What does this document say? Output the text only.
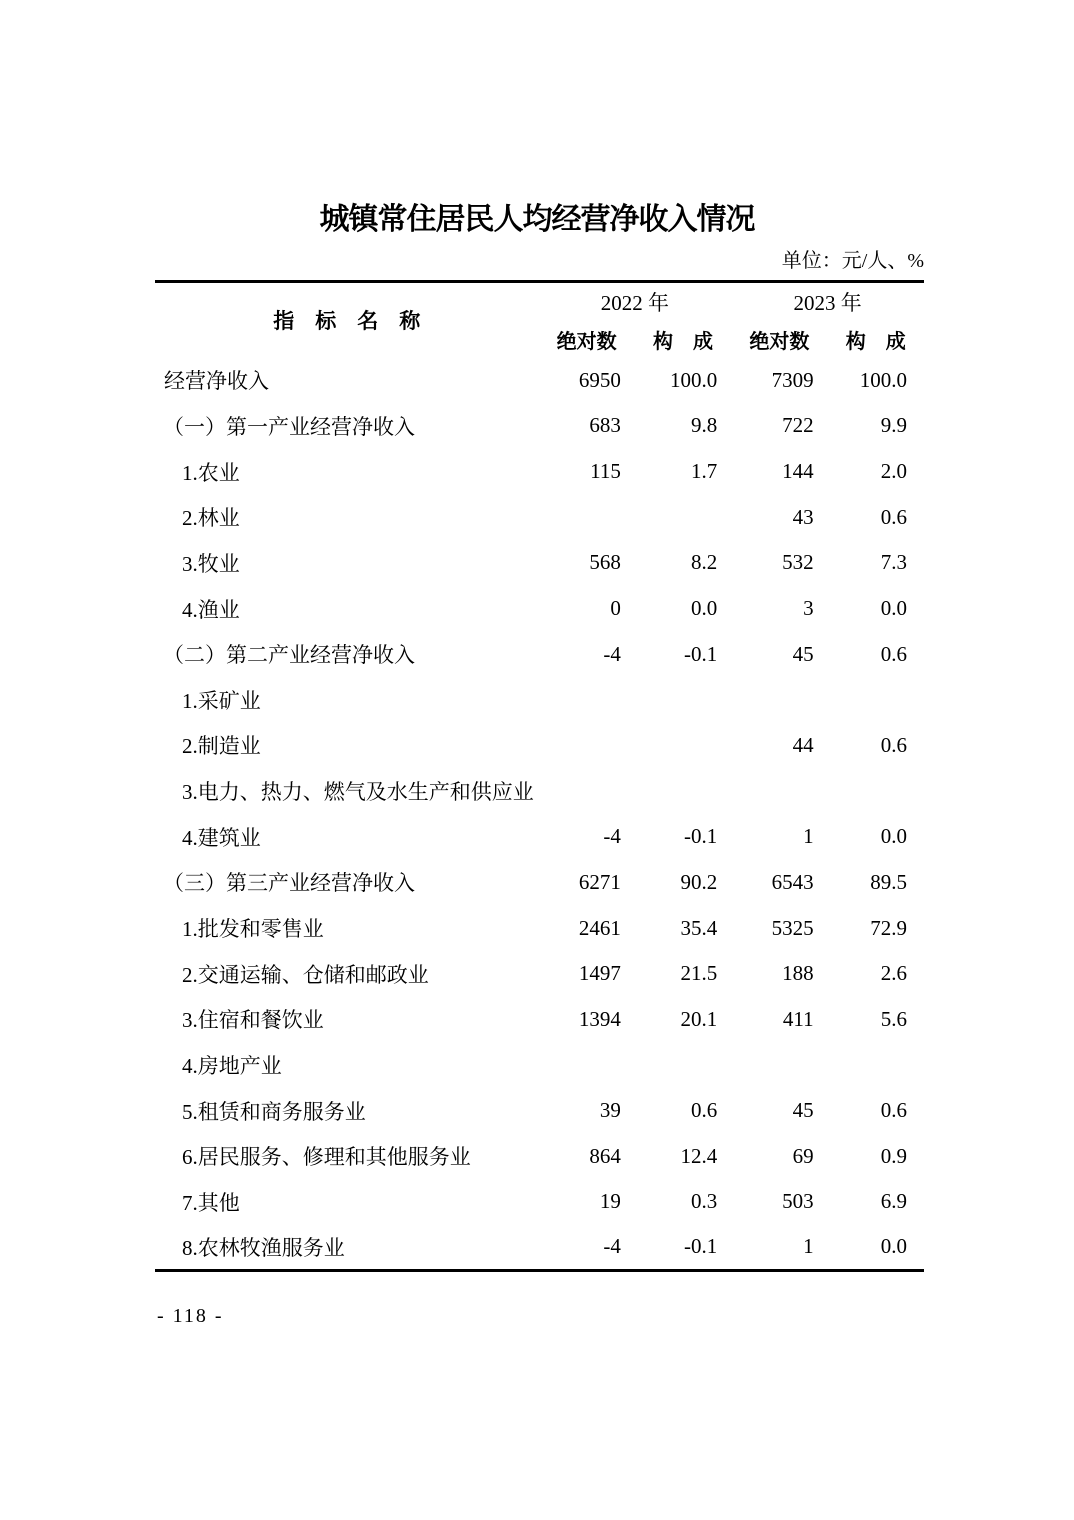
城镇常住居民人均经营净收入情况
单位：元/人、%
指　标　名　称	2022 年		2023 年	
	绝对数	构　成	绝对数	构　成
经营净收入	6950	100.0	7309	100.0
（一）第一产业经营净收入	683	9.8	722	9.9
1.农业	115	1.7	144	2.0
2.林业			43	0.6
3.牧业	568	8.2	532	7.3
4.渔业	0	0.0	3	0.0
（二）第二产业经营净收入	-4	-0.1	45	0.6
1.采矿业				
2.制造业			44	0.6
3.电力、热力、燃气及水生产和供应业				
4.建筑业	-4	-0.1	1	0.0
（三）第三产业经营净收入	6271	90.2	6543	89.5
1.批发和零售业	2461	35.4	5325	72.9
2.交通运输、仓储和邮政业	1497	21.5	188	2.6
3.住宿和餐饮业	1394	20.1	411	5.6
4.房地产业				
5.租赁和商务服务业	39	0.6	45	0.6
6.居民服务、修理和其他服务业	864	12.4	69	0.9
7.其他	19	0.3	503	6.9
8.农林牧渔服务业	-4	-0.1	1	0.0
- 118 -
